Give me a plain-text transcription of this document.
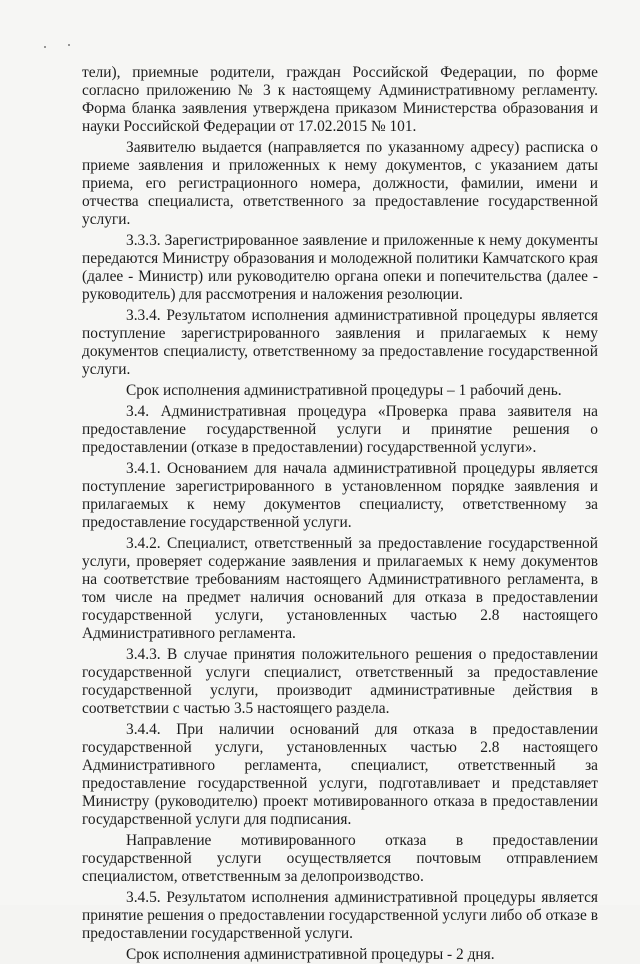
тели), приемные родители, граждан Российской Федерации, по форме согласно приложению № 3 к настоящему Административному регламенту. Форма бланка заявления утверждена приказом Министерства образования и науки Российской Федерации от 17.02.2015 № 101.

Заявителю выдается (направляется по указанному адресу) расписка о приеме заявления и приложенных к нему документов, с указанием даты приема, его регистрационного номера, должности, фамилии, имени и отчества специалиста, ответственного за предоставление государственной услуги.

3.3.3. Зарегистрированное заявление и приложенные к нему документы передаются Министру образования и молодежной политики Камчатского края (далее - Министр) или руководителю органа опеки и попечительства (далее - руководитель) для рассмотрения и наложения резолюции.

3.3.4. Результатом исполнения административной процедуры является поступление зарегистрированного заявления и прилагаемых к нему документов специалисту, ответственному за предоставление государственной услуги.

Срок исполнения административной процедуры – 1 рабочий день.

3.4. Административная процедура «Проверка права заявителя на предоставление государственной услуги и принятие решения о предоставлении (отказе в предоставлении) государственной услуги».

3.4.1. Основанием для начала административной процедуры является поступление зарегистрированного в установленном порядке заявления и прилагаемых к нему документов специалисту, ответственному за предоставление государственной услуги.

3.4.2. Специалист, ответственный за предоставление государственной услуги, проверяет содержание заявления и прилагаемых к нему документов на соответствие требованиям настоящего Административного регламента, в том числе на предмет наличия оснований для отказа в предоставлении государственной услуги, установленных частью 2.8 настоящего Административного регламента.

3.4.3. В случае принятия положительного решения о предоставлении государственной услуги специалист, ответственный за предоставление государственной услуги, производит административные действия в соответствии с частью 3.5 настоящего раздела.

3.4.4. При наличии оснований для отказа в предоставлении государственной услуги, установленных частью 2.8 настоящего Административного регламента, специалист, ответственный за предоставление государственной услуги, подготавливает и представляет Министру (руководителю) проект мотивированного отказа в предоставлении государственной услуги для подписания.

Направление мотивированного отказа в предоставлении государственной услуги осуществляется почтовым отправлением специалистом, ответственным за делопроизводство.

3.4.5. Результатом исполнения административной процедуры является принятие решения о предоставлении государственной услуги либо об отказе в предоставлении государственной услуги.

Срок исполнения административной процедуры - 2 дня.
